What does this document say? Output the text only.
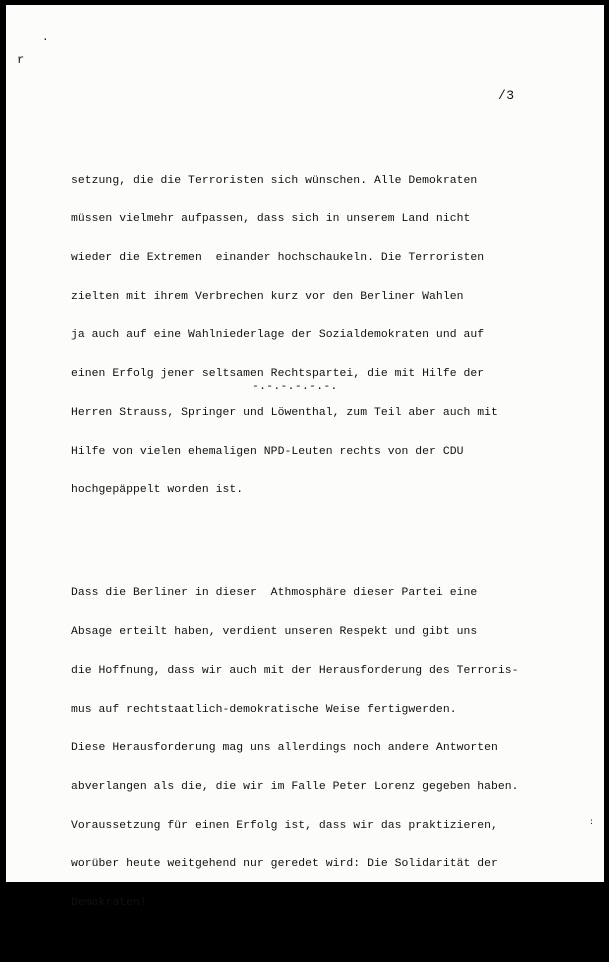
.
r
:
/3

setzung, die die Terroristen sich wünschen. Alle Demokraten

müssen vielmehr aufpassen, dass sich in unserem Land nicht

wieder die Extremen  einander hochschaukeln. Die Terroristen

zielten mit ihrem Verbrechen kurz vor den Berliner Wahlen

ja auch auf eine Wahlniederlage der Sozialdemokraten und auf

einen Erfolg jener seltsamen Rechtspartei, die mit Hilfe der

Herren Strauss, Springer und Löwenthal, zum Teil aber auch mit

Hilfe von vielen ehemaligen NPD-Leuten rechts von der CDU

hochgepäppelt worden ist.

Dass die Berliner in dieser  Athmosphäre dieser Partei eine

Absage erteilt haben, verdient unseren Respekt und gibt uns

die Hoffnung, dass wir auch mit der Herausforderung des Terroris-

mus auf rechtstaatlich-demokratische Weise fertigwerden.

Diese Herausforderung mag uns allerdings noch andere Antworten

abverlangen als die, die wir im Falle Peter Lorenz gegeben haben.

Voraussetzung für einen Erfolg ist, dass wir das praktizieren,

worüber heute weitgehend nur geredet wird: Die Solidarität der

Demokraten!

-.-.-.-.-.-.
